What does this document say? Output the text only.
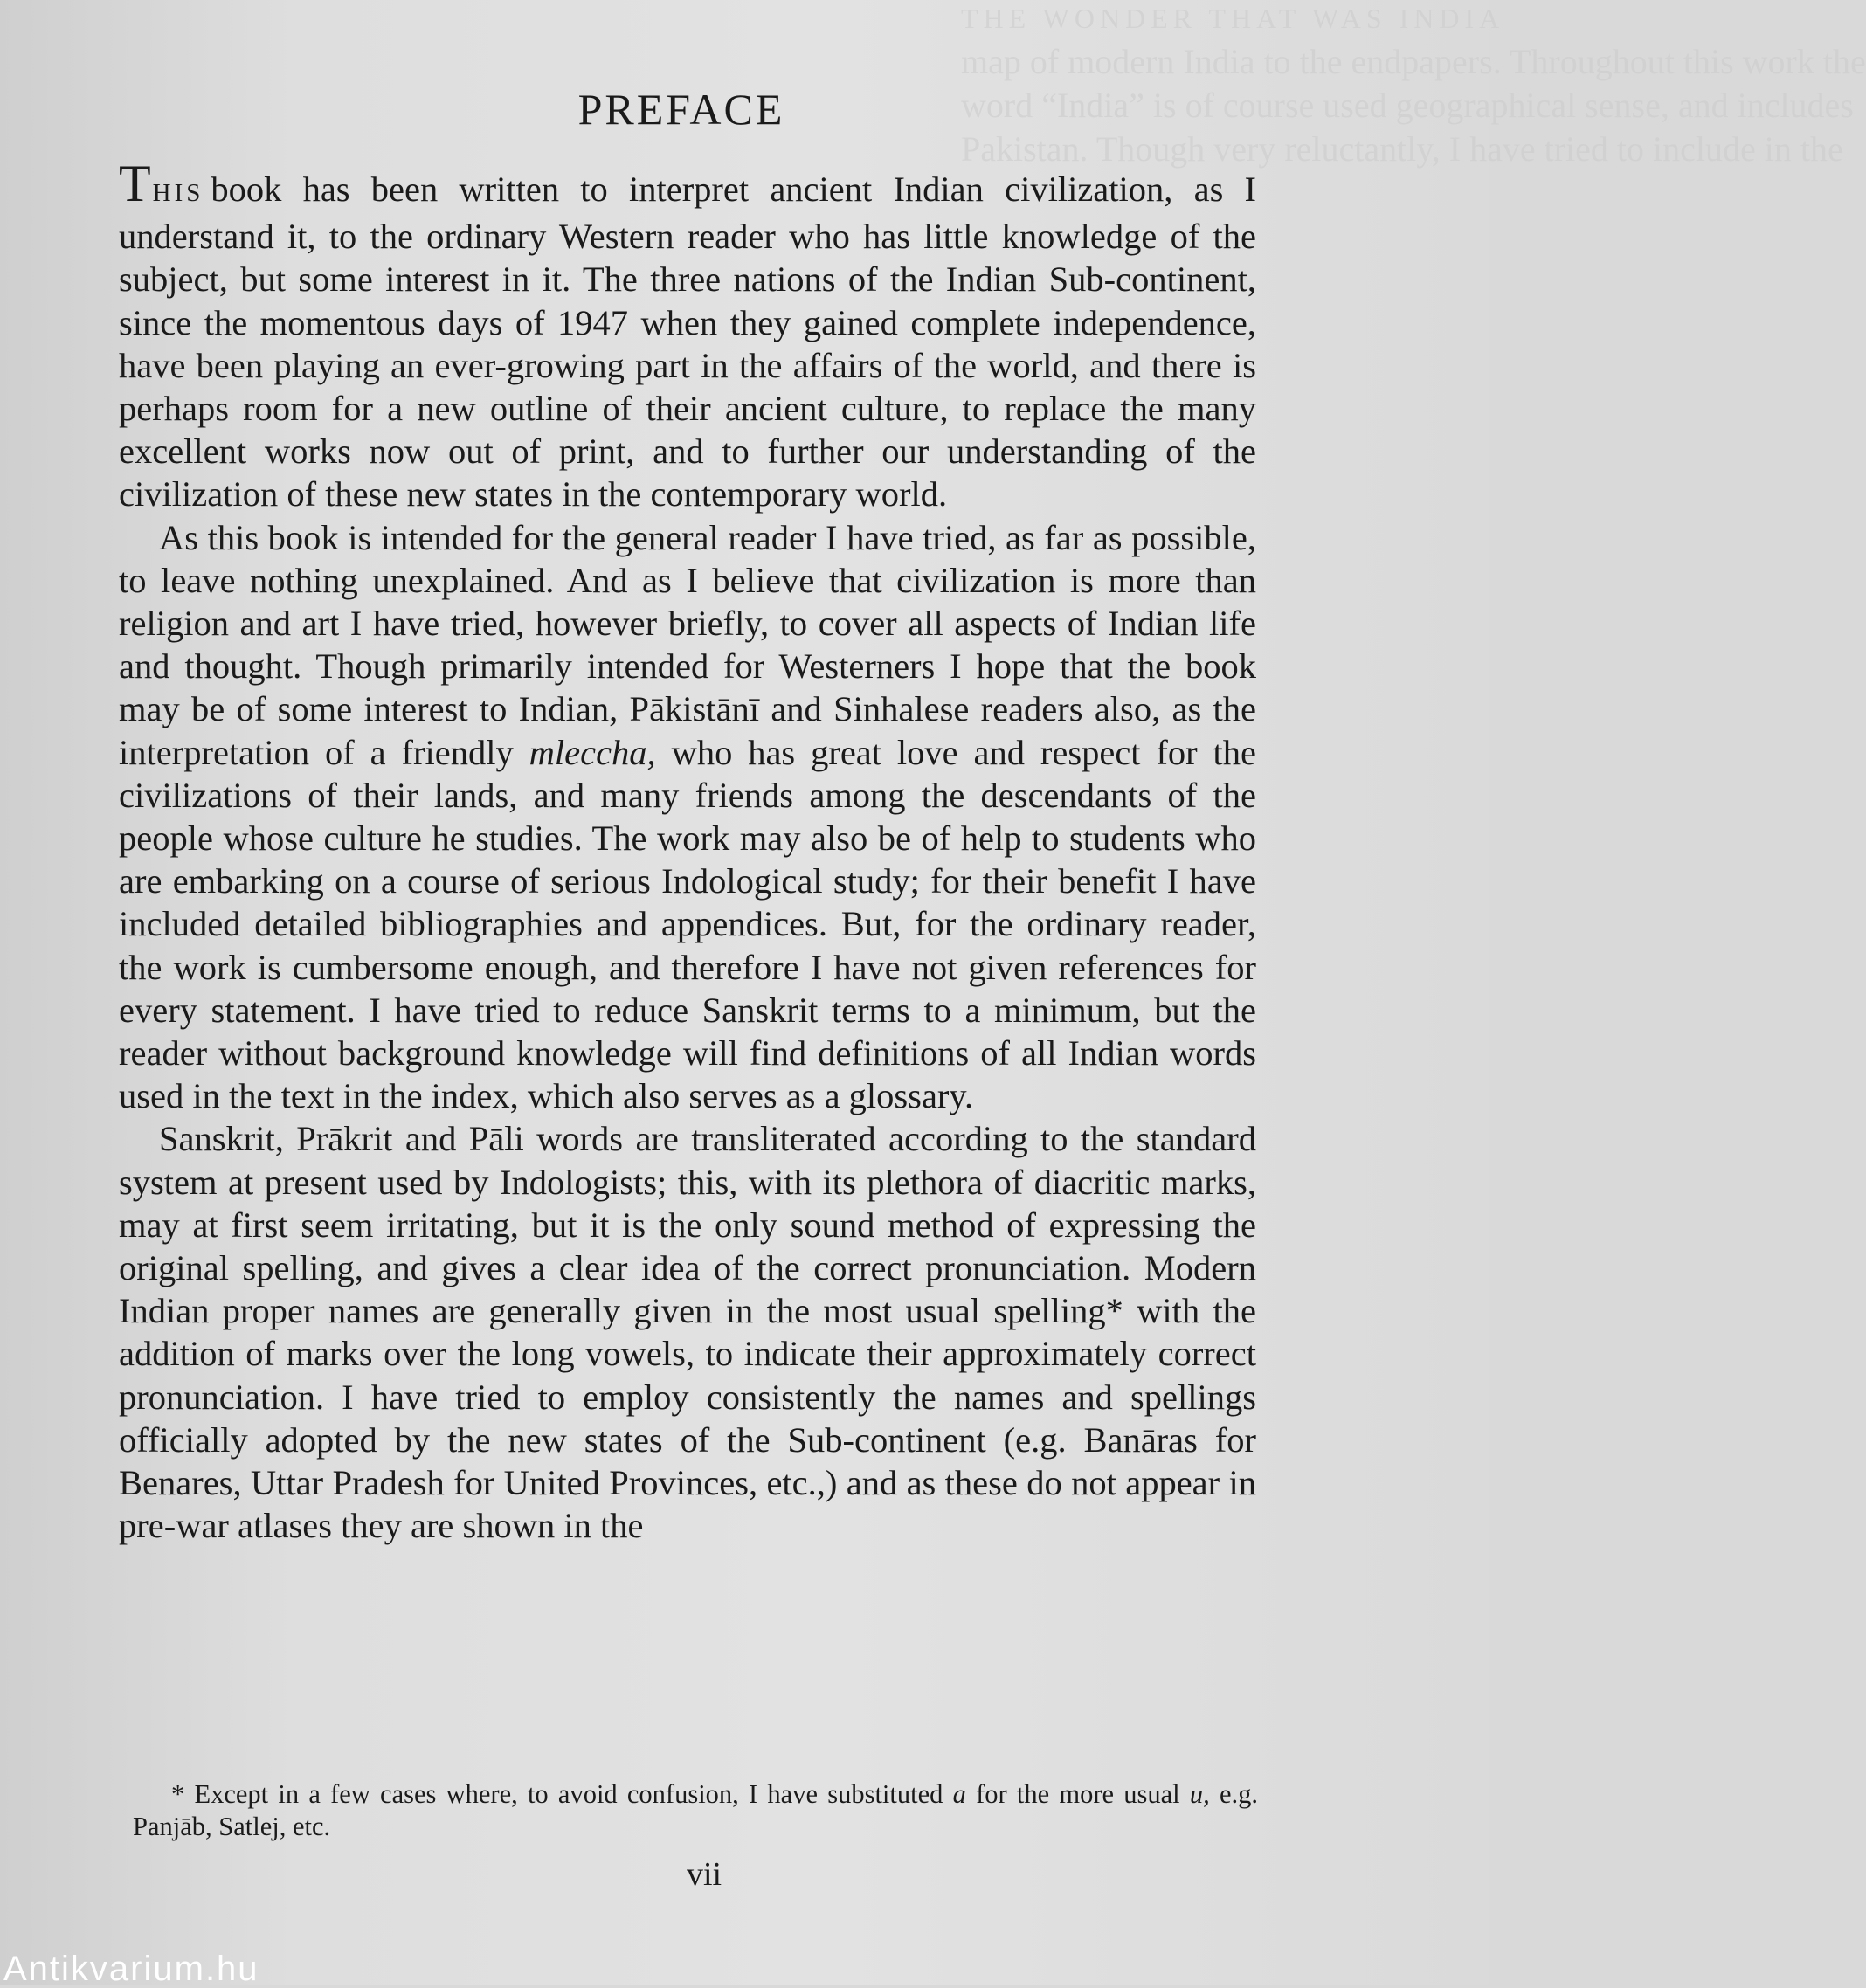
THE WONDER THAT WAS INDIA
map of modern India to the endpapers. Throughout this work the
word “India” is of course used geographical sense, and includes
Pakistan. Though very reluctantly, I have tried to include in the
PREFACE

THIS book has been written to interpret ancient Indian civilization, as I understand it, to the ordinary Western reader who has little knowledge of the subject, but some interest in it. The three nations of the Indian Sub-continent, since the momentous days of 1947 when they gained complete independence, have been playing an ever-growing part in the affairs of the world, and there is perhaps room for a new outline of their ancient culture, to replace the many excellent works now out of print, and to further our understanding of the civilization of these new states in the contemporary world.

As this book is intended for the general reader I have tried, as far as possible, to leave nothing unexplained. And as I believe that civilization is more than religion and art I have tried, however briefly, to cover all aspects of Indian life and thought. Though primarily intended for Westerners I hope that the book may be of some interest to Indian, Pākistānī and Sinhalese readers also, as the interpretation of a friendly mleccha, who has great love and respect for the civilizations of their lands, and many friends among the descendants of the people whose culture he studies. The work may also be of help to students who are embarking on a course of serious Indological study; for their benefit I have included detailed bibliographies and appendices. But, for the ordinary reader, the work is cumbersome enough, and therefore I have not given references for every statement. I have tried to reduce Sanskrit terms to a minimum, but the reader without background knowledge will find definitions of all Indian words used in the text in the index, which also serves as a glossary.

Sanskrit, Prākrit and Pāli words are transliterated according to the standard system at present used by Indologists; this, with its plethora of diacritic marks, may at first seem irritating, but it is the only sound method of expressing the original spelling, and gives a clear idea of the correct pronunciation. Modern Indian proper names are generally given in the most usual spelling* with the addition of marks over the long vowels, to indicate their approximately correct pronunciation. I have tried to employ consistently the names and spellings officially adopted by the new states of the Sub-continent (e.g. Banāras for Benares, Uttar Pradesh for United Provinces, etc.,) and as these do not appear in pre-war atlases they are shown in the

* Except in a few cases where, to avoid confusion, I have substituted a for the more usual u, e.g. Panjāb, Satlej, etc.
vii
Antikvarium.hu
